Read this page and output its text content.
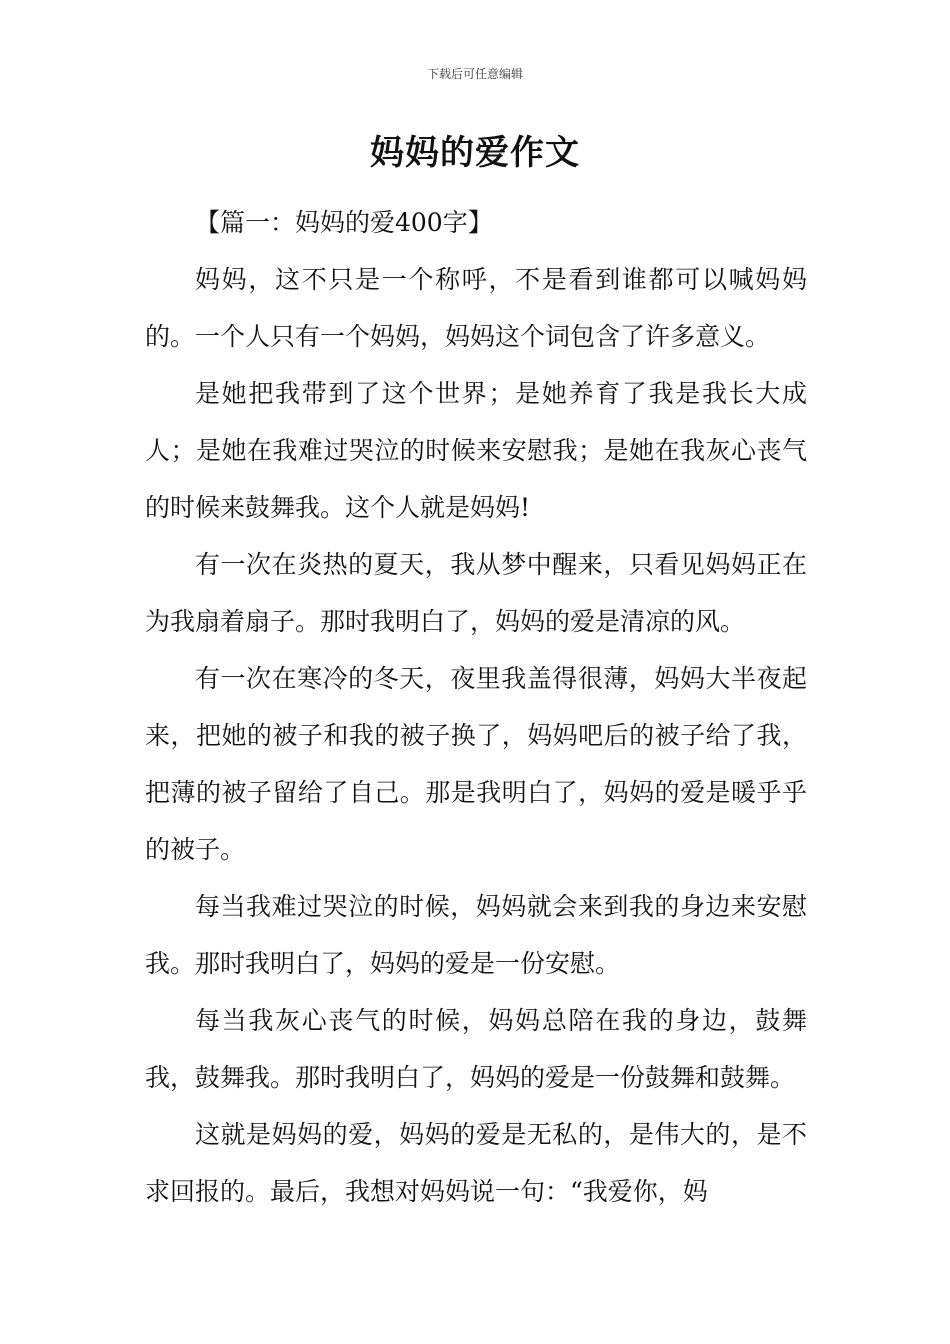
下载后可任意编辑
妈妈的爱作文

【篇一：妈妈的爱400字】

妈妈，这不只是一个称呼，不是看到谁都可以喊妈妈的。一个人只有一个妈妈，妈妈这个词包含了许多意义。

是她把我带到了这个世界；是她养育了我是我长大成人；是她在我难过哭泣的时候来安慰我；是她在我灰心丧气的时候来鼓舞我。这个人就是妈妈!

有一次在炎热的夏天，我从梦中醒来，只看见妈妈正在为我扇着扇子。那时我明白了，妈妈的爱是清凉的风。

有一次在寒冷的冬天，夜里我盖得很薄，妈妈大半夜起来，把她的被子和我的被子换了，妈妈吧后的被子给了我，把薄的被子留给了自己。那是我明白了，妈妈的爱是暖乎乎的被子。

每当我难过哭泣的时候，妈妈就会来到我的身边来安慰我。那时我明白了，妈妈的爱是一份安慰。

每当我灰心丧气的时候，妈妈总陪在我的身边，鼓舞我，鼓舞我。那时我明白了，妈妈的爱是一份鼓舞和鼓舞。

这就是妈妈的爱，妈妈的爱是无私的，是伟大的，是不求回报的。最后，我想对妈妈说一句：“我爱你，妈
